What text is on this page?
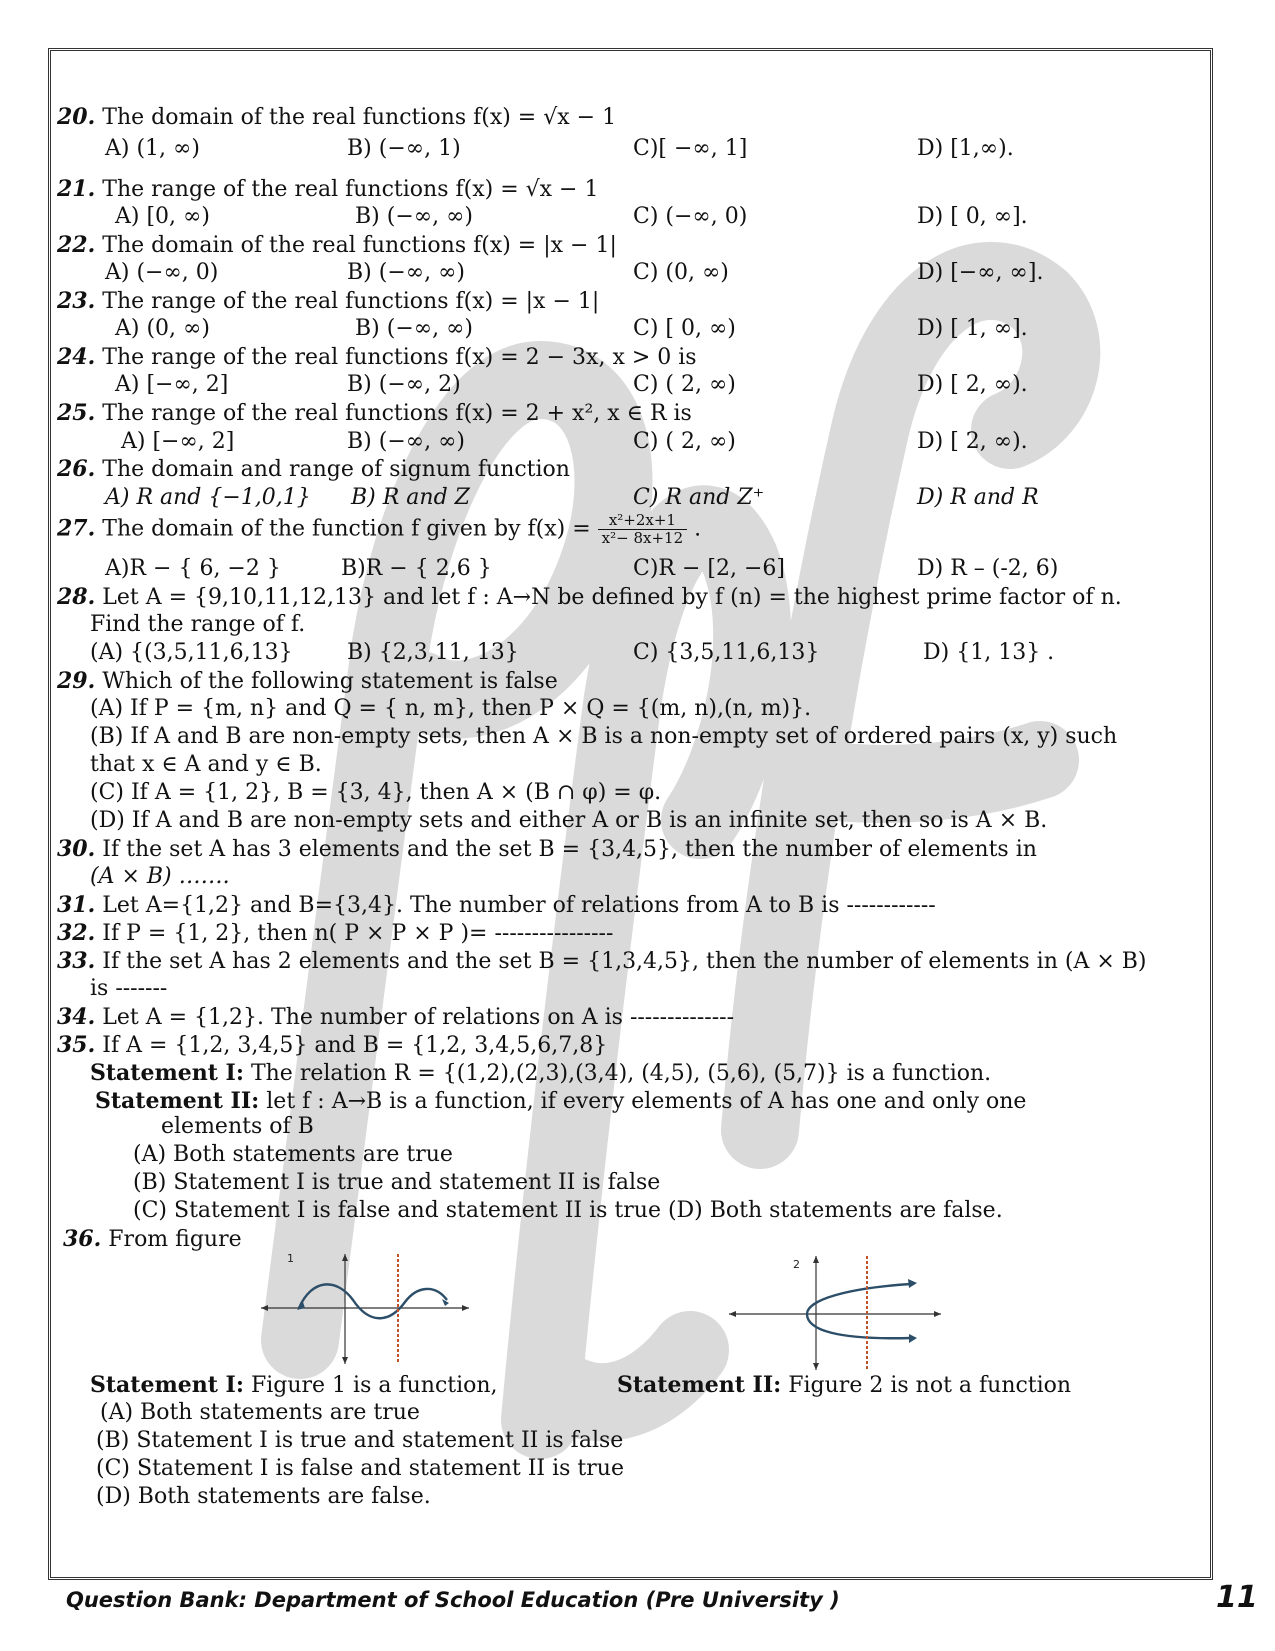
20. The domain of the real functions f(x) = √x − 1
A) (1, ∞)	B) (−∞, 1)	C)[ −∞, 1]	D) [1,∞).
21. The range of the real functions f(x) = √x − 1
A) [0, ∞)	B) (−∞, ∞)	C) (−∞, 0)	D) [ 0, ∞].
22. The domain of the real functions f(x) = |x − 1|
A) (−∞, 0)	B) (−∞, ∞)	C) (0, ∞)	D) [−∞, ∞].
23. The range of the real functions f(x) = |x − 1|
A) (0, ∞)	B) (−∞, ∞)	C) [ 0, ∞)	D) [ 1, ∞].
24. The range of the real functions f(x) = 2 − 3x, x > 0 is
A) [−∞, 2]	B) (−∞, 2)	C) ( 2, ∞)	D) [ 2, ∞).
25. The range of the real functions f(x) = 2 + x², x ∈ R is
A) [−∞, 2]	B) (−∞, ∞)	C) ( 2, ∞)	D) [ 2, ∞).
26. The domain and range of signum function
A) R and {−1,0,1} B) R and Z	C) R and Z⁺	D) R and R
27. The domain of the function f given by $f(x) = \frac{\text{x²+2x+1}}{\text{x²− 8x+12}}$ .
A)R − { 6, −2 }	B)R − { 2,6 }	C)R − [2, −6]	D) R – (-2, 6)
28. Let A = {9,10,11,12,13} and let f : A→N be defined by f (n) = the highest prime factor of n.
Find the range of f.
(A) {(3,5,11,6,13} B) {2,3,11, 13}	C) {3,5,11,6,13}	D) {1, 13} .
29. Which of the following statement is false
(A) If P = {m, n} and Q = { n, m}, then P × Q = {(m, n),(n, m)}.
(B) If A and B are non-empty sets, then A × B is a non-empty set of ordered pairs (x, y) such
that x ∈ A and y ∈ B.
(C) If A = {1, 2}, B = {3, 4}, then A × (B ∩ φ) = φ.
(D) If A and B are non-empty sets and either A or B is an infinite set, then so is A × B.
30. If the set A has 3 elements and the set B = {3,4,5}, then the number of elements in
(A × B) …….
31. Let A={1,2} and B={3,4}. The number of relations from A to B is ------------
32. If P = {1, 2}, then n( P × P × P )= ----------------
33. If the set A has 2 elements and the set B = {1,3,4,5}, then the number of elements in (A × B)
is -------
34. Let A = {1,2}. The number of relations on A is --------------
35. If A = {1,2, 3,4,5} and B = {1,2, 3,4,5,6,7,8}
Statement I: The relation R = {(1,2),(2,3),(3,4), (4,5), (5,6), (5,7)} is a function.
Statement II: let f : A→B is a function, if every elements of A has one and only one
elements of B
(A) Both statements are true
(B) Statement I is true and statement II is false
(C) Statement I is false and statement II is true (D) Both statements are false.
36. From figure
1	2
Statement I: Figure 1 is a function,	Statement II: Figure 2 is not a function
(A) Both statements are true
(B) Statement I is true and statement II is false
(C) Statement I is false and statement II is true
(D) Both statements are false.
Question Bank: Department of School Education (Pre University )	11
